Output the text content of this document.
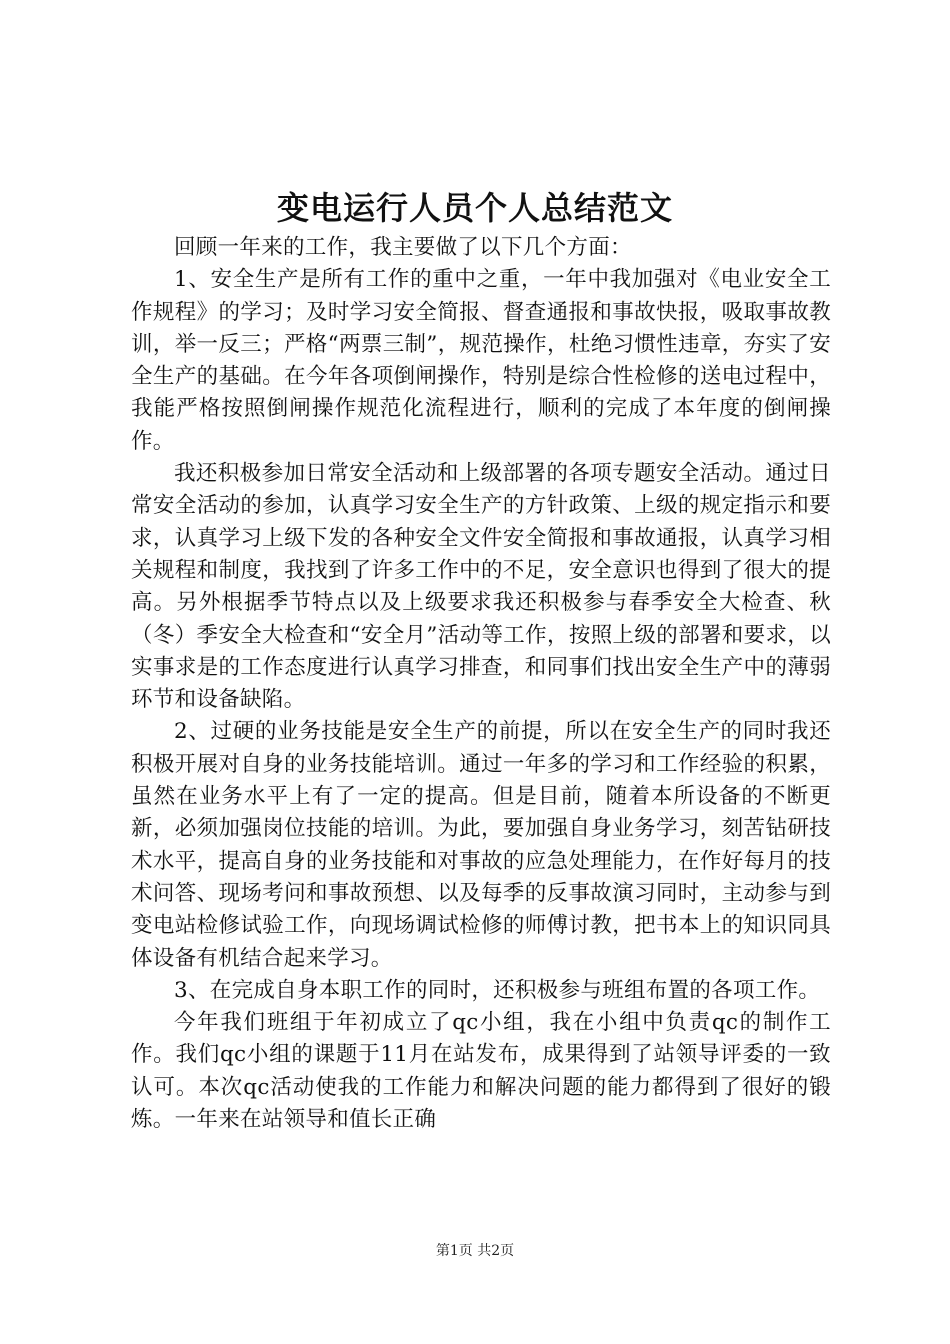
变电运行人员个人总结范文

回顾一年来的工作，我主要做了以下几个方面：

1、安全生产是所有工作的重中之重，一年中我加强对《电业安全工作规程》的学习；及时学习安全简报、督查通报和事故快报，吸取事故教训，举一反三；严格“两票三制”，规范操作，杜绝习惯性违章，夯实了安全生产的基础。在今年各项倒闸操作，特别是综合性检修的送电过程中，我能严格按照倒闸操作规范化流程进行，顺利的完成了本年度的倒闸操作。

我还积极参加日常安全活动和上级部署的各项专题安全活动。通过日常安全活动的参加，认真学习安全生产的方针政策、上级的规定指示和要求，认真学习上级下发的各种安全文件安全简报和事故通报，认真学习相关规程和制度，我找到了许多工作中的不足，安全意识也得到了很大的提高。另外根据季节特点以及上级要求我还积极参与春季安全大检查、秋（冬）季安全大检查和“安全月”活动等工作，按照上级的部署和要求，以实事求是的工作态度进行认真学习排查，和同事们找出安全生产中的薄弱环节和设备缺陷。

2、过硬的业务技能是安全生产的前提，所以在安全生产的同时我还积极开展对自身的业务技能培训。通过一年多的学习和工作经验的积累，虽然在业务水平上有了一定的提高。但是目前，随着本所设备的不断更新，必须加强岗位技能的培训。为此，要加强自身业务学习，刻苦钻研技术水平，提高自身的业务技能和对事故的应急处理能力，在作好每月的技术问答、现场考问和事故预想、以及每季的反事故演习同时，主动参与到变电站检修试验工作，向现场调试检修的师傅讨教，把书本上的知识同具体设备有机结合起来学习。

3、在完成自身本职工作的同时，还积极参与班组布置的各项工作。

今年我们班组于年初成立了qc小组，我在小组中负责qc的制作工作。我们qc小组的课题于11月在站发布，成果得到了站领导评委的一致认可。本次qc活动使我的工作能力和解决问题的能力都得到了很好的锻炼。一年来在站领导和值长正确

第1页 共2页
